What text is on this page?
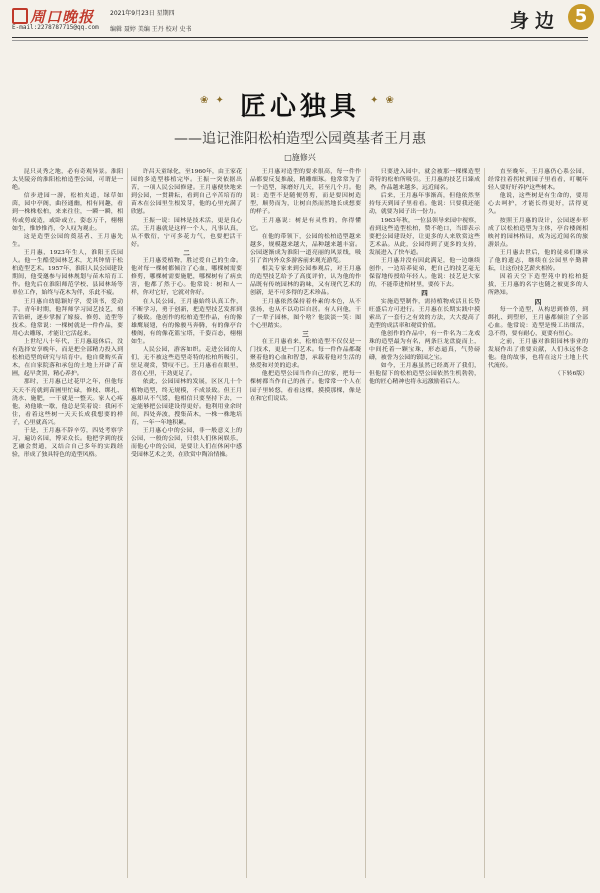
周口晚报	2021年9月23日 星期四
E-mail:2278787715@qq.com 编辑 聂婷 美编 王丹 校对 史书	身边 5
❀ ✦	✦ ❀
匠心独具
——追记淮阳松柏造型公园奠基者王月惠
□施修兴

昆只灵秀之地，必有奇观异景。淮阳太昊陵旁的淮阳松柏造型公园，可谓是一绝。

信步进园一游，松柏夹道，绿草如茵，园中亭阁，曲径通幽，相有同趣，看到一株株松柏，来来往往，一瞬一瞬，相传或剪或造，或卧或立，姿态万千，栩栩如生，惟妙惟肖，令人叹为观止。

这是造型公园的奠基者、王月惠先生。

王月惠，1923年生人，淮阳王氏园人。他一生酷爱园林艺术，尤其钟情于松柏造型艺术。1957年，淮阳人民公园建设期间，他受邀参与园林规划与苗木培育工作。他先后在淮阳师范学校、县园林场等单位工作，始终与花木为伴，乐此不疲。

王月惠自幼聪颖好学，爱读书，爱动手。青年时期，他拜师学习园艺技艺，刻苦钻研，逐步掌握了嫁接、修剪、造型等技术。他常说：一棵树就是一件作品，要用心去雕琢，才能让它活起来。

上世纪八十年代，王月惠退休后，没有选择安享晚年，而是把全部精力投入到松柏造型的研究与培育中。他自费购买苗木，在自家院落和承包的土地上开辟了苗圃，起早贪黑，精心养护。

那时，王月惠已过花甲之年，但他每天天不亮就到苗圃里忙碌，修枝、绑扎、浇水、施肥，一干就是一整天。家人心疼他，劝他歇一歇，他总是笑着说：我闲不住，看着这些树一天天长成我想要的样子，心里就高兴。

于是，王月惠不辞辛劳，四处考察学习，遍访名园，博采众长。他把学到的技艺融会贯通，又结合自己多年的实践经验，形成了独具特色的造型风格。

许昌天童绿化，至1960年，由王家花园的多造型移植完毕。王振一突依据出苦，一项人民公园修建。王月惠便快地来到公园，一贯耕耘，看到自己辛苦培育的苗木在公园里生根发芽，他的心里充满了欣慰。

王振一说：园林是技术活，更是良心活。王月惠就是这样一个人，凡事认真，从不敷衍，宁可多花力气，也要把活干好。

二

王月惠爱植物，胜过爱自己的生命。他对每一棵树都倾注了心血，哪棵树需要修剪，哪棵树需要施肥，哪棵树有了病虫害，他都了然于心。他常说：树和人一样，你对它好，它就对你好。

在人民公园，王月惠始终认真工作，不断学习，勇于创新，把造型技艺发挥到了极致。他创作的松柏造型作品，有的像雄鹰展翅，有的像骏马奔腾，有的像亭台楼阁，有的像花篮宝塔，千姿百态，栩栩如生。

人民公园，游客如织。走进公园的人们，无不被这些造型奇特的松柏所吸引，驻足观赏，赞叹不已。王月惠看在眼里，喜在心里，干劲更足了。

依此，公园园林的发展，区区几十个植物造型，终无规模，不成景致。但王月惠却从不气馁，他相信只要坚持下去，一定能够把公园建设得更好。他利用业余时间，四处奔波，搜集苗木，一株一株地培育，一年一年地积累。

王月惠心中的公园，非一般意义上的公园，一般的公园，只供人们休闲娱乐，而他心中的公园，是要让人们在休闲中感受园林艺术之美，在欣赏中陶冶情操。

王月惠对造型的要求很高，每一件作品都要反复推敲，精雕细琢。他常常为了一个造型，琢磨好几天，甚至几个月。他说：造型不是随便剪剪，而是要因树造型，顺势而为，让树自然而然地长成想要的样子。

王月惠说：树是有灵性的，你得懂它。

在他的带领下，公园的松柏造型越来越多，规模越来越大，品种越来越丰富。公园逐渐成为淮阳一道亮丽的风景线，吸引了省内外众多游客前来观光游览。

相关专家来到公园参观后，对王月惠的造型技艺给予了高度评价，认为他的作品既有传统园林的韵味，又有现代艺术的创新，是不可多得的艺术珍品。

王月惠依然保持着朴素的本色，从不张扬，也从不以功臣自居。有人问他，干了一辈子园林，图个啥？他淡淡一笑：图个心里踏实。

三

在王月惠看来，松柏造型不仅仅是一门技术，更是一门艺术。每一件作品都凝聚着他的心血和智慧，承载着他对生活的热爱和对美的追求。

他把造型公园当作自己的家，把每一棵树都当作自己的孩子。他常常一个人在园子里转悠，看看这棵，摸摸那棵，像是在和它们说话。

只要进入园中，就会被那一棵棵造型奇特的松柏所吸引。王月惠的技艺日臻成熟，作品越来越多，远近闻名。

后来，王月惠年事渐高，但他依然坚持每天到园子里看看。他说：只要我还能动，就要为园子出一份力。

1963年秋，一位县领导来园中视察，看到这些造型松柏，赞不绝口，当即表示要把公园建设好，让更多的人来欣赏这些艺术品。从此，公园得到了更多的支持，发展进入了快车道。

王月惠并没有因此满足，他一边继续创作，一边培养徒弟，把自己的技艺毫无保留地传授给年轻人。他说：技艺是大家的，不能带进棺材里，要传下去。

四

实施造型制作，需持植物成活且长势旺盛后方可进行。王月惠在长期实践中摸索出了一套行之有效的方法，大大提高了造型的成活率和观赏价值。

他创作的作品中，有一件名为二龙戏珠的造型最为有名，两条巨龙盘旋而上，中间托着一颗宝珠，形态逼真，气势磅礴，被誉为公园的镇园之宝。

如今，王月惠虽然已经离开了我们，但他留下的松柏造型公园依然生机勃勃，他的匠心精神也将永远激励着后人。

直至晚年，王月惠仍心系公园，经常拄着拐杖到园子里看看，叮嘱年轻人要好好养护这些树木。

他说，这些树是有生命的，要用心去呵护，才能长得更好，活得更久。

按照王月惠的设计，公园逐步形成了以松柏造型为主体，亭台楼阁相映衬的园林格局，成为远近闻名的旅游景点。

王月惠去世后，他的徒弟们继承了他的遗志，继续在公园里辛勤耕耘，让这份技艺薪火相传。

因着天空下造型苑中的松柏挺拔，王月惠的名字也随之被更多的人所熟知。

四

每一个造型，从构思到修剪，到绑扎、到塑形，王月惠都倾注了全部心血。他常说：造型是慢工出细活，急不得，要有耐心，更要有恒心。

之前，王月惠对淮阳园林事业的发展作出了重要贡献，人们永远怀念他。他的故事，也将在这片土地上代代流传。

（下转6版）
